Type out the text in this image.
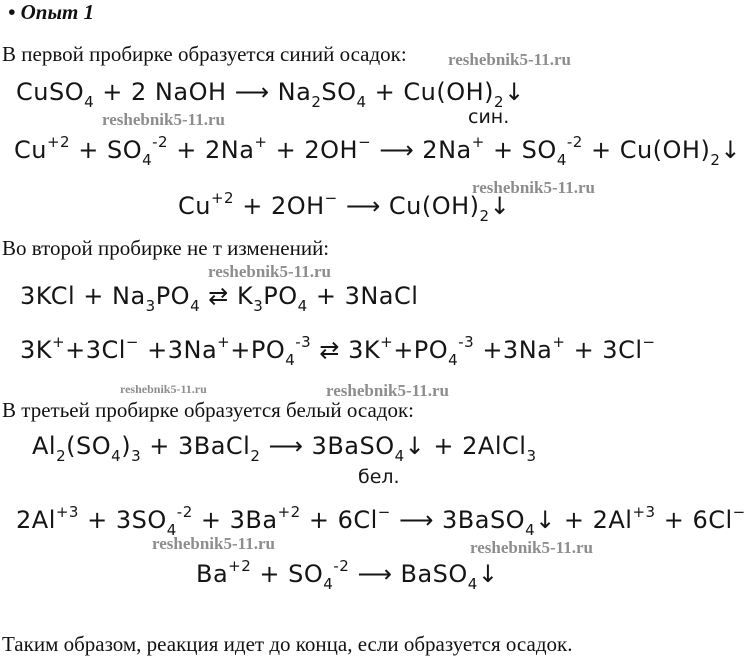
• Опыт 1
В первой пробирке образуется синий осадок:
CuSO$_4$ + 2 NaOH ⟶ $Na_2SO_4$ + $Cu(OH)_2↓$
син.
$Cu^{+2} + SO_4^{-2} + 2Na^+ + 2OH^-$ ⟶ $2Na^+ + SO_4^{-2}$ + $Cu(OH)_2↓$
$Cu^{+2} + 2OH^-$ ⟶ $Cu(OH)_2↓$
Во второй пробирке не т изменений:
$3KCl + Na_3PO_4$ ⇄ $K_3PO_4$ + 3NaCl
$3K^++3Cl^- +3Na^++PO_4^{-3}$ ⇄ $3K^++PO_4^{-3} +3Na^+ + 3Cl^-$
В третьей пробирке образуется белый осадок:
$Al_2(SO_4)_3$ + 3BaCl$_2$ ⟶ 3BaSO$_4$↓ + 2AlCl$_3$
бел.
$2Al^{+3} + 3SO_4^{-2} + 3Ba^{+2} + 6Cl^-$ ⟶ 3BaSO$_4$↓ + $2Al^{+3} + 6Cl^-$
$Ba^{+2} + SO_4^{-2}$ ⟶ BaSO$_4$↓
Таким образом, реакция идет до конца, если образуется осадок.
reshebnik5-11.ru
reshebnik5-11.ru
reshebnik5-11.ru
reshebnik5-11.ru
reshebnik5-11.ru	reshebnik5-11.ru
reshebnik5-11.ru	reshebnik5-11.ru
